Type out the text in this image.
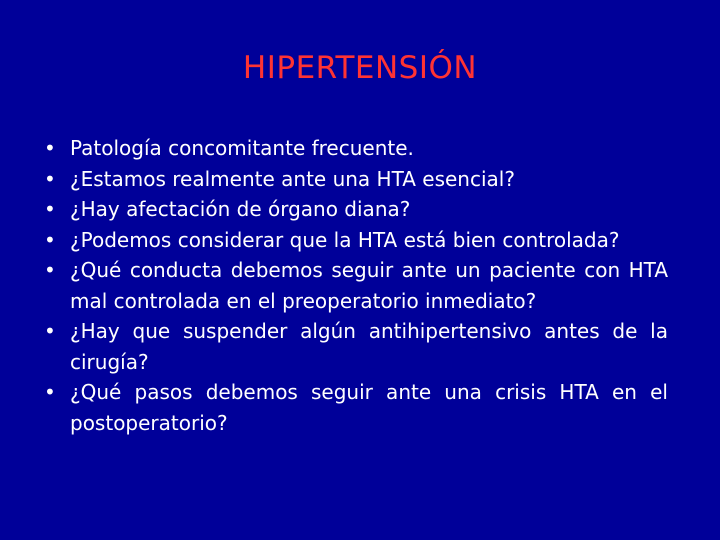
HIPERTENSIÓN
• Patología concomitante frecuente.
• ¿Estamos realmente ante una HTA esencial?
• ¿Hay afectación de órgano diana?
• ¿Podemos considerar que la HTA está bien controlada?
• ¿Qué conducta debemos seguir ante un paciente con HTA mal controlada en el preoperatorio inmediato?
• ¿Hay que suspender algún antihipertensivo antes de la cirugía?
• ¿Qué pasos debemos seguir ante una crisis HTA en el postoperatorio?
